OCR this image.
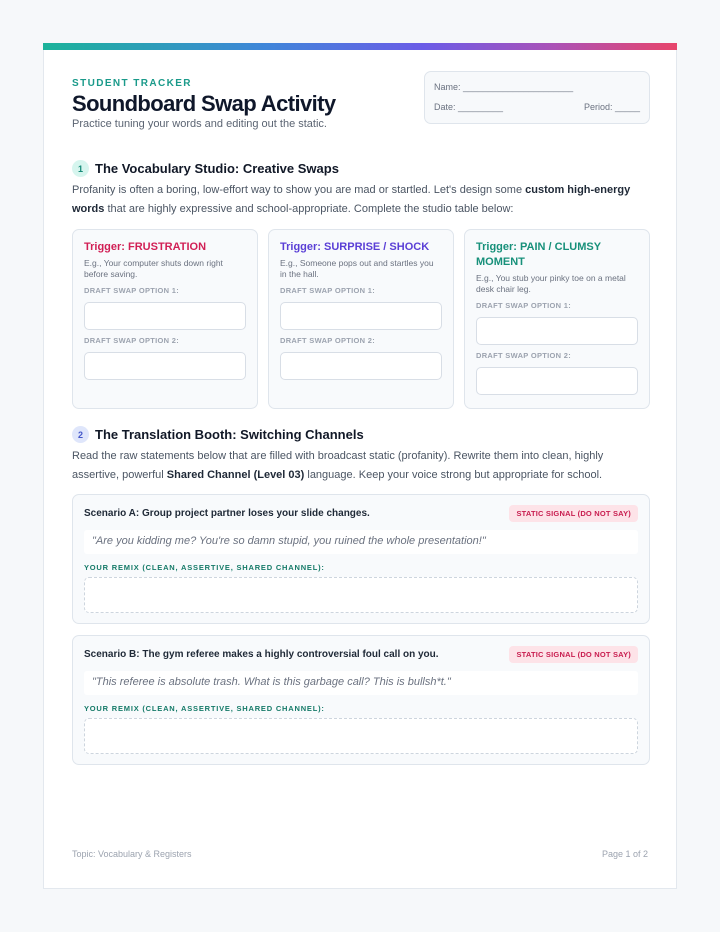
STUDENT TRACKER
Soundboard Swap Activity
Practice tuning your words and editing out the static.
Name: ______________________
Date: _________	Period: _____
1 The Vocabulary Studio: Creative Swaps
Profanity is often a boring, low-effort way to show you are mad or startled. Let's design some custom high-energy words that are highly expressive and school-appropriate. Complete the studio table below:
Trigger: FRUSTRATION
E.g., Your computer shuts down right before saving.
DRAFT SWAP OPTION 1:
DRAFT SWAP OPTION 2:
Trigger: SURPRISE / SHOCK
E.g., Someone pops out and startles you in the hall.
DRAFT SWAP OPTION 1:
DRAFT SWAP OPTION 2:
Trigger: PAIN / CLUMSY MOMENT
E.g., You stub your pinky toe on a metal desk chair leg.
DRAFT SWAP OPTION 1:
DRAFT SWAP OPTION 2:
2 The Translation Booth: Switching Channels
Read the raw statements below that are filled with broadcast static (profanity). Rewrite them into clean, highly assertive, powerful Shared Channel (Level 03) language. Keep your voice strong but appropriate for school.
Scenario A: Group project partner loses your slide changes.	STATIC SIGNAL (DO NOT SAY)
"Are you kidding me? You're so damn stupid, you ruined the whole presentation!"
YOUR REMIX (CLEAN, ASSERTIVE, SHARED CHANNEL):
Scenario B: The gym referee makes a highly controversial foul call on you.	STATIC SIGNAL (DO NOT SAY)
"This referee is absolute trash. What is this garbage call? This is bullsh*t."
YOUR REMIX (CLEAN, ASSERTIVE, SHARED CHANNEL):
Topic: Vocabulary & Registers	Page 1 of 2
